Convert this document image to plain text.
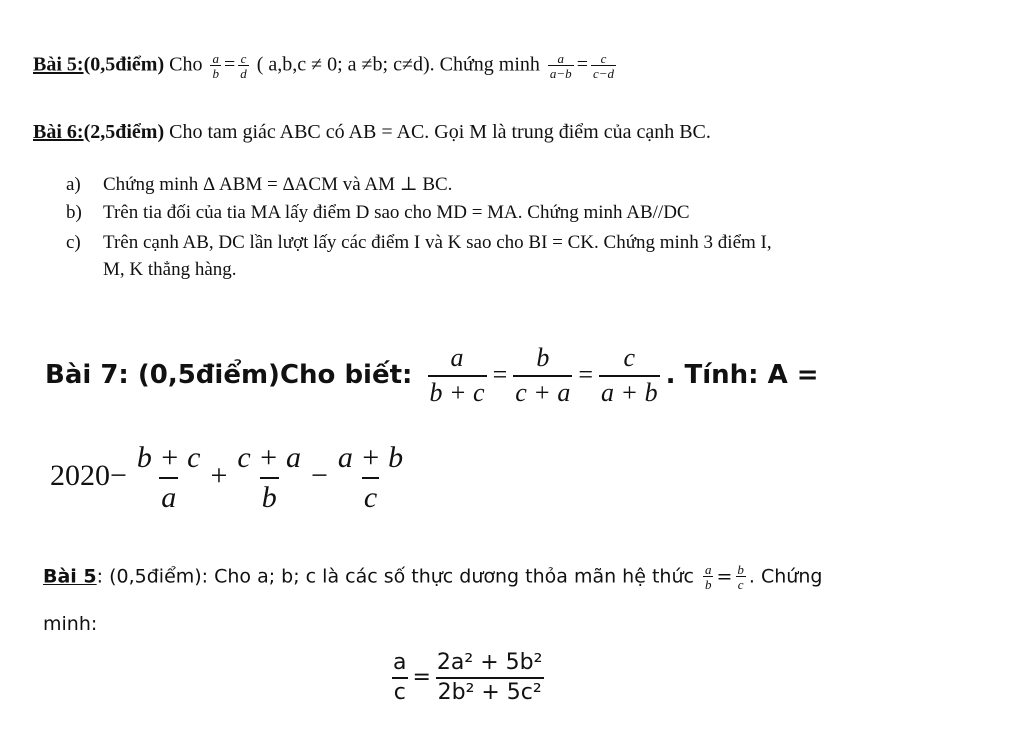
Bài 5:(0,5điểm) Cho $\frac{a}{b} = \frac{c}{d}$ ( a,b,c ≠ 0; a ≠b; c≠d). Chứng minh $\frac{a}{a-b} = \frac{c}{c-d}$
Bài 6:(2,5điểm) Cho tam giác ABC có AB = AC. Gọi M là trung điểm của cạnh BC.
a) Chứng minh Δ ABM = ΔACM và AM ⊥ BC.
b) Trên tia đối của tia MA lấy điểm D sao cho MD = MA. Chứng minh AB//DC
c) Trên cạnh AB, DC lần lượt lấy các điểm I và K sao cho BI = CK. Chứng minh 3 điểm I,
M, K thẳng hàng.
Bài 7: (0,5điểm)Cho biết: $\frac{a}{b + c} = \frac{b}{c + a} = \frac{c}{a + b}$ . Tính: A =
$2020- \frac{b + c}{a} + \frac{c + a}{b} - \frac{a + b}{c}$
Bài 5: (0,5điểm): Cho a; b; c là các số thực dương thỏa mãn hệ thức $\frac{a}{b} = \frac{b}{c}$ . Chứng
minh:
$\frac{a}{c} = \frac{\text{2a² + 5b²}}{\text{2b² + 5c²}}$
